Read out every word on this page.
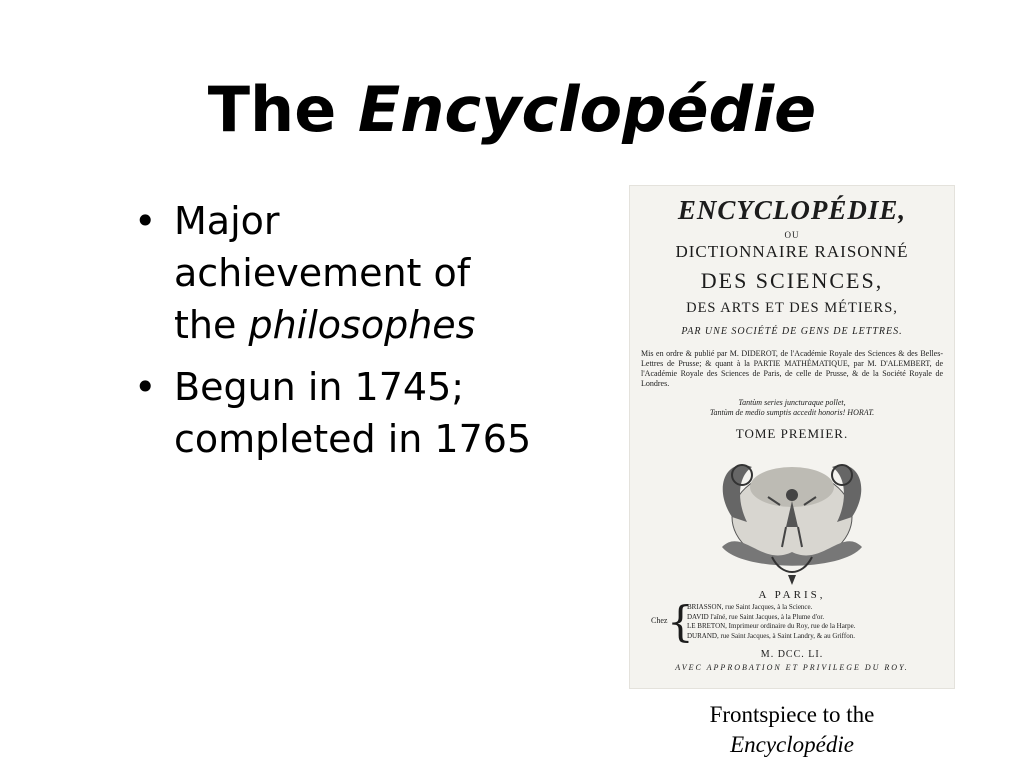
The Encyclopédie
• Major
achievement of
the philosophes
• Begun in 1745;
completed in 1765

ENCYCLOPÉDIE,

OU

DICTIONNAIRE RAISONNÉ

DES SCIENCES,

DES ARTS ET DES MÉTIERS,

PAR UNE SOCIÉTÉ DE GENS DE LETTRES.

Mis en ordre & publié par M. DIDEROT, de l'Académie Royale des Sciences & des Belles-Lettres de Prusse; & quant à la PARTIE MATHÉMATIQUE, par M. D'ALEMBERT, de l'Académie Royale des Sciences de Paris, de celle de Prusse, & de la Société Royale de Londres.

Tantùm series juncturaque pollet,
Tantùm de medio sumptis accedit honoris! HORAT.

TOME PREMIER.

A PARIS,

Chez {
BRIASSON, rue Saint Jacques, à la Science.
DAVID l'aîné, rue Saint Jacques, à la Plume d'or.
LE BRETON, Imprimeur ordinaire du Roy, rue de la Harpe.
DURAND, rue Saint Jacques, à Saint Landry, & au Griffon.

M. DCC. LI.

AVEC APPROBATION ET PRIVILEGE DU ROY.

Frontspiece to the
Encyclopédie
